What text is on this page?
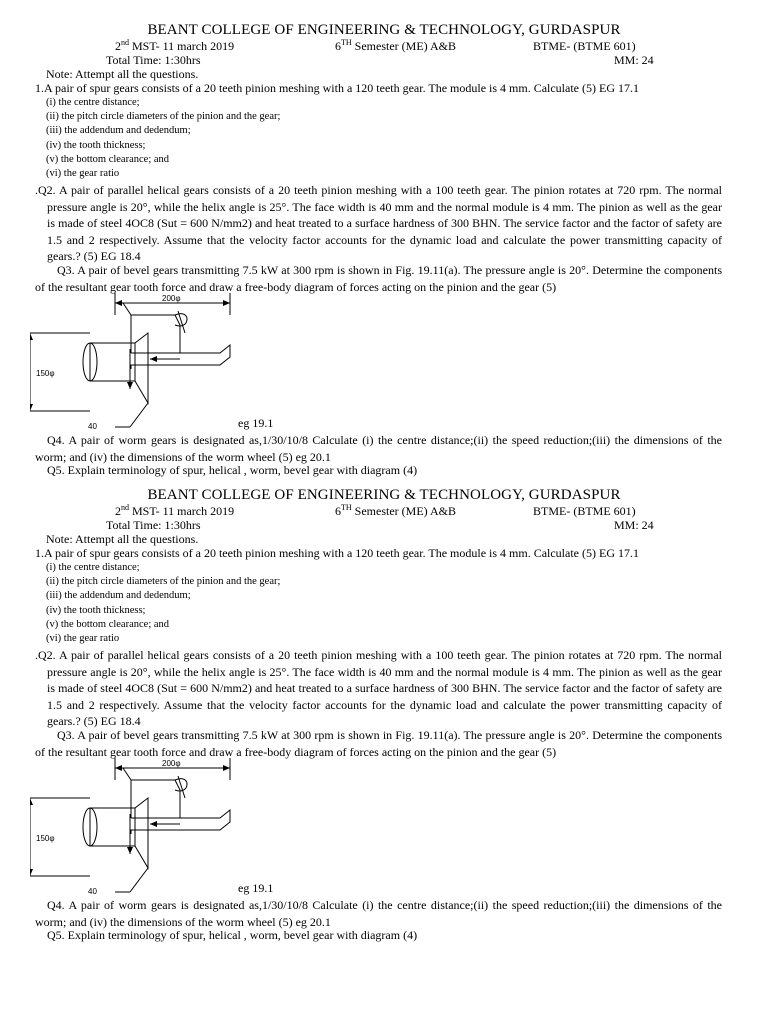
BEANT COLLEGE OF ENGINEERING & TECHNOLOGY, GURDASPUR
2nd MST- 11 march 2019	6TH Semester (ME) A&B	BTME- (BTME 601)
Total Time: 1:30hrs	MM: 24
Note: Attempt all the questions.
1.A pair of spur gears consists of a 20 teeth pinion meshing with a 120 teeth gear. The module is 4 mm. Calculate (5) EG 17.1
(i) the centre distance;
(ii) the pitch circle diameters of the pinion and the gear;
(iii) the addendum and dedendum;
(iv) the tooth thickness;
(v) the bottom clearance; and
(vi) the gear ratio
.Q2. A pair of parallel helical gears consists of a 20 teeth pinion meshing with a 100 teeth gear. The pinion rotates at 720 rpm. The normal pressure angle is 20°, while the helix angle is 25°. The face width is 40 mm and the normal module is 4 mm. The pinion as well as the gear is made of steel 4OC8 (Sut = 600 N/mm2) and heat treated to a surface hardness of 300 BHN. The service factor and the factor of safety are 1.5 and 2 respectively. Assume that the velocity factor accounts for the dynamic load and calculate the power transmitting capacity of gears.? (5) EG 18.4
Q3. A pair of bevel gears transmitting 7.5 kW at 300 rpm is shown in Fig. 19.11(a). The pressure angle is 20°. Determine the components of the resultant gear tooth force and draw a free-body diagram of forces acting on the pinion and the gear (5)
200φ
150φ
40	eg 19.1
Q4. A pair of worm gears is designated as,1/30/10/8 Calculate (i) the centre distance;(ii) the speed reduction;(iii) the dimensions of the worm; and (iv) the dimensions of the worm wheel (5) eg 20.1
Q5. Explain terminology of spur, helical , worm, bevel gear with diagram (4)
BEANT COLLEGE OF ENGINEERING & TECHNOLOGY, GURDASPUR
2nd MST- 11 march 2019	6TH Semester (ME) A&B	BTME- (BTME 601)
Total Time: 1:30hrs	MM: 24
Note: Attempt all the questions.
1.A pair of spur gears consists of a 20 teeth pinion meshing with a 120 teeth gear. The module is 4 mm. Calculate (5) EG 17.1
(i) the centre distance;
(ii) the pitch circle diameters of the pinion and the gear;
(iii) the addendum and dedendum;
(iv) the tooth thickness;
(v) the bottom clearance; and
(vi) the gear ratio
.Q2. A pair of parallel helical gears consists of a 20 teeth pinion meshing with a 100 teeth gear. The pinion rotates at 720 rpm. The normal pressure angle is 20°, while the helix angle is 25°. The face width is 40 mm and the normal module is 4 mm. The pinion as well as the gear is made of steel 4OC8 (Sut = 600 N/mm2) and heat treated to a surface hardness of 300 BHN. The service factor and the factor of safety are 1.5 and 2 respectively. Assume that the velocity factor accounts for the dynamic load and calculate the power transmitting capacity of gears.? (5) EG 18.4
Q3. A pair of bevel gears transmitting 7.5 kW at 300 rpm is shown in Fig. 19.11(a). The pressure angle is 20°. Determine the components of the resultant gear tooth force and draw a free-body diagram of forces acting on the pinion and the gear (5)
200φ
150φ
40	eg 19.1
Q4. A pair of worm gears is designated as,1/30/10/8 Calculate (i) the centre distance;(ii) the speed reduction;(iii) the dimensions of the worm; and (iv) the dimensions of the worm wheel (5) eg 20.1
Q5. Explain terminology of spur, helical , worm, bevel gear with diagram (4)
